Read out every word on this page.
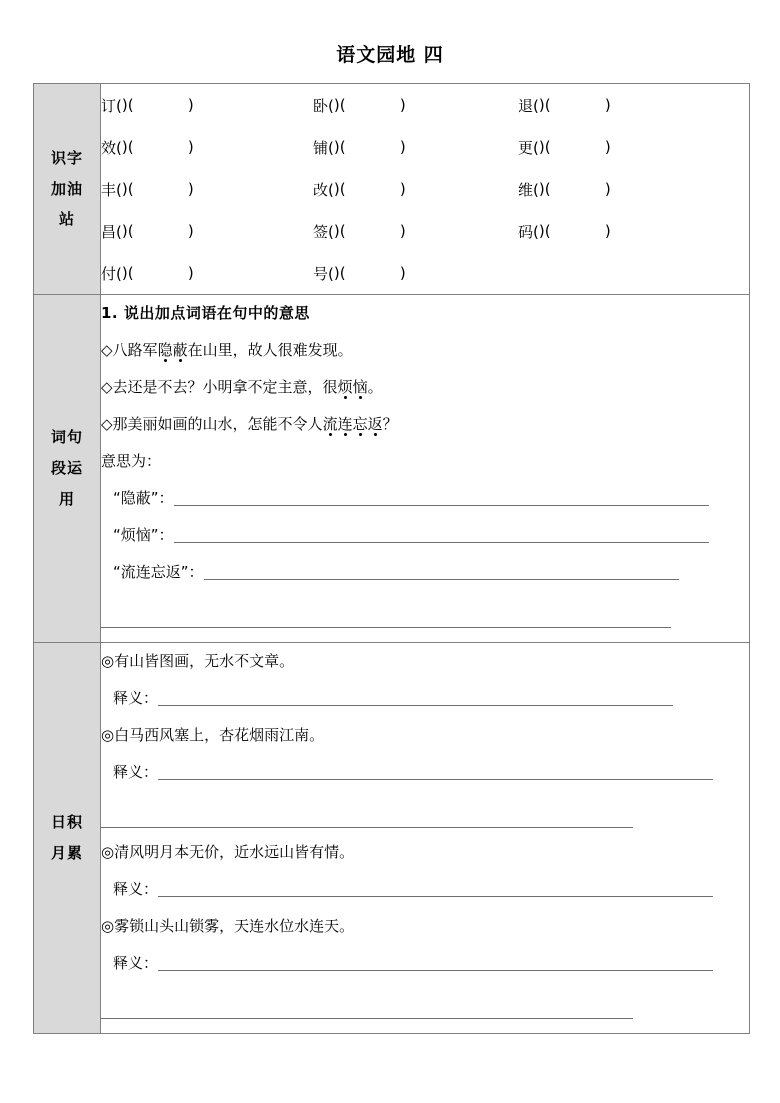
语文园地 四
识字
加油
站

订( )(	)	卧( )(	)	退( )(	)
效( )(	)	铺( )(	)	更( )(	)
丰( )(	)	改( )(	)	维( )(	)
昌( )(	)	签( )(	)	码( )(	)
付( )(	)	号( )(	)

词句
段运
用

1. 说出加点词语在句中的意思
◇ 八路军 隐蔽 在山里，故人很难发现。
◇ 去还是不去？小明拿不定主意，很 烦恼 。
◇ 那美丽如画的山水，怎能不令人 流连忘返 ？
意思为：
“隐蔽”：
“烦恼”：
“流连忘返”：

日积
月累

◎ 有山皆图画，无水不文章。
释义：
◎ 白马西风塞上，杏花烟雨江南。
释义：
◎ 清风明月本无价，近水远山皆有情。
释义：
◎ 雾锁山头山锁雾，天连水位水连天。
释义：
